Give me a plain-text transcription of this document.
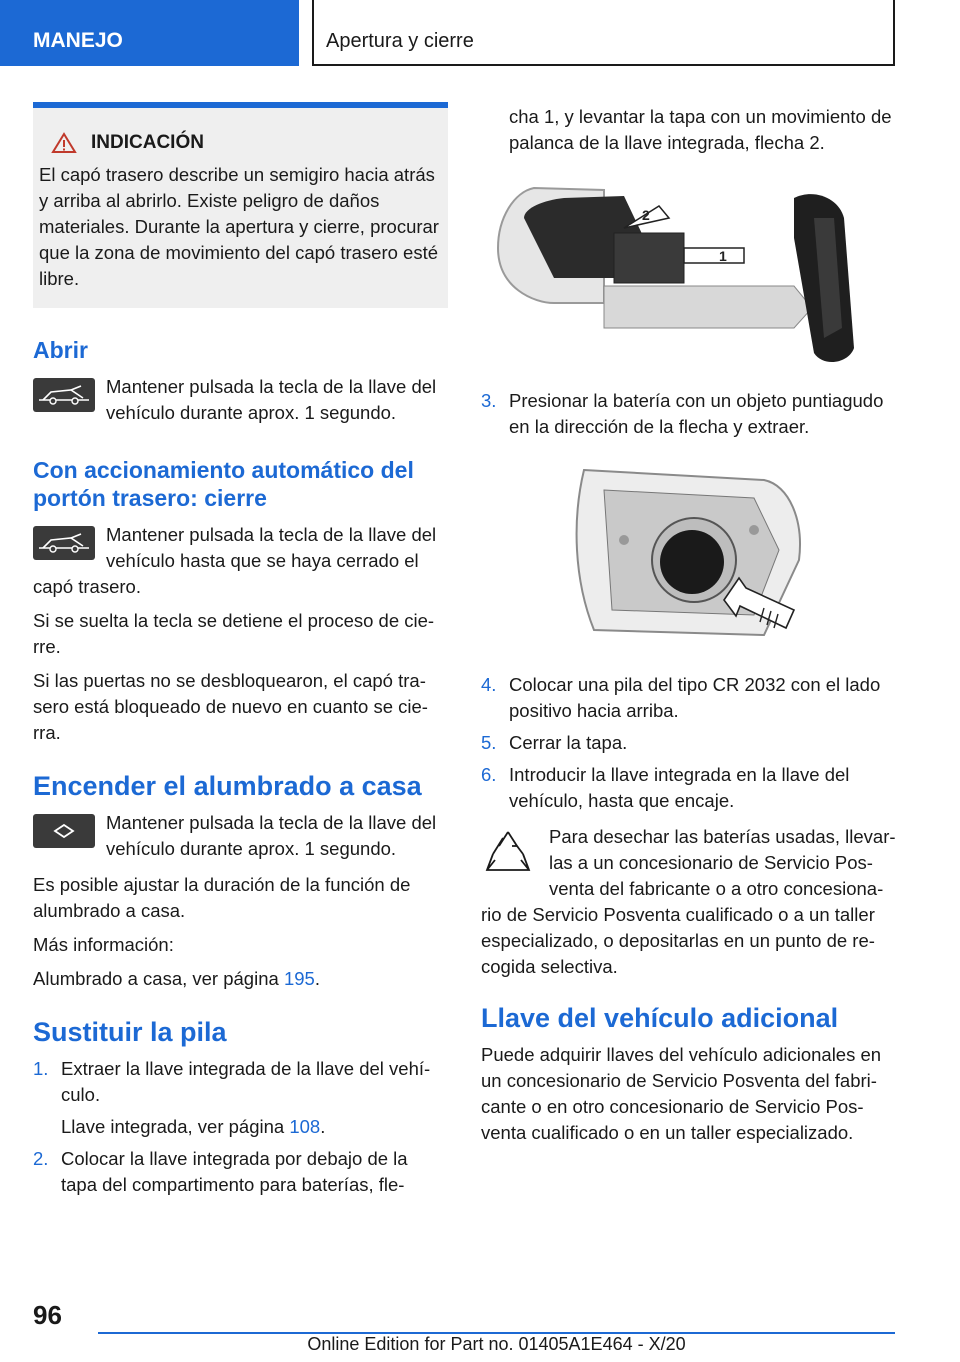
MANEJO	Apertura y cierre
INDICACIÓN

El capó trasero describe un semigiro hacia atrás y arriba al abrirlo. Existe peligro de daños materiales. Durante la apertura y cierre, procurar que la zona de movimiento del capó trasero esté libre.

Abrir
Mantener pulsada la tecla de la llave del vehículo durante aprox. 1 segundo.
Con accionamiento automático del portón trasero: cierre
Mantener pulsada la tecla de la llave del vehículo hasta que se haya cerrado el capó trasero.

Si se suelta la tecla se detiene el proceso de cierre.

Si las puertas no se desbloquearon, el capó trasero está bloqueado de nuevo en cuanto se cierra.

Encender el alumbrado a casa
Mantener pulsada la tecla de la llave del vehículo durante aprox. 1 segundo.

Es posible ajustar la duración de la función de alumbrado a casa.

Más información:

Alumbrado a casa, ver página 195.

Sustituir la pila
1. Extraer la llave integrada de la llave del vehículo.

Llave integrada, ver página 108.

2. Colocar la llave integrada por debajo de la tapa del compartimento para baterías, fle-

cha 1, y levantar la tapa con un movimiento de palanca de la llave integrada, flecha 2.

2
1
3. Presionar la batería con un objeto puntiagudo en la dirección de la flecha y extraer.
4. Colocar una pila del tipo CR 2032 con el lado positivo hacia arriba.
5. Cerrar la tapa.
6. Introducir la llave integrada en la llave del vehículo, hasta que encaje.

Para desechar las baterías usadas, llevarlas a un concesionario de Servicio Posventa del fabricante o a otro concesionario de Servicio Posventa cualificado o a un taller especializado, o depositarlas en un punto de recogida selectiva.

Llave del vehículo adicional

Puede adquirir llaves del vehículo adicionales en un concesionario de Servicio Posventa del fabricante o en otro concesionario de Servicio Posventa cualificado o en un taller especializado.

96
Online Edition for Part no. 01405A1E464 - X/20
